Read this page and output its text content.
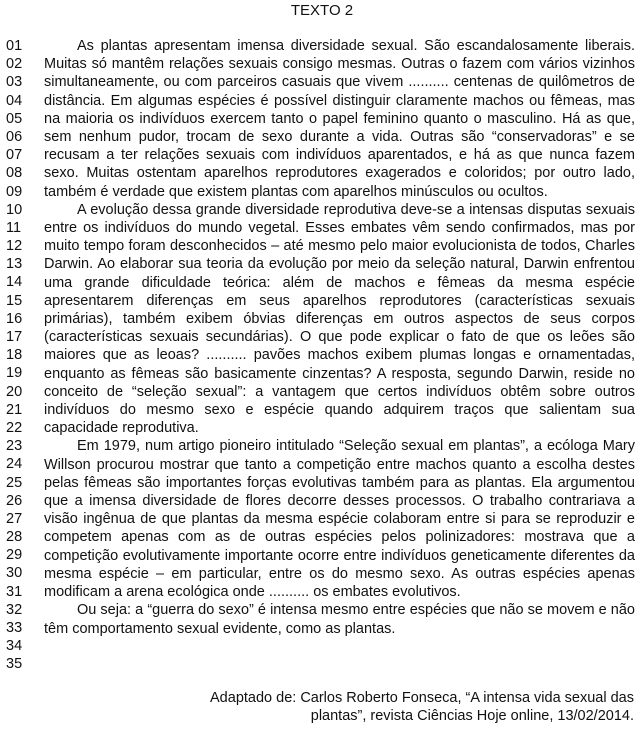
TEXTO 2
01
02
03
04
05
06
07
08
09
10
11
12
13
14
15
16
17
18
19
20
21
22
23
24
25
26
27
28
29
30
31
32
33
34
35

As plantas apresentam imensa diversidade sexual. São escandalosamente liberais. Muitas só mantêm relações sexuais consigo mesmas. Outras o fazem com vários vizinhos simultaneamente, ou com parceiros casuais que vivem .......... centenas de quilômetros de distância. Em algumas espécies é possível distinguir claramente machos ou fêmeas, mas na maioria os indivíduos exercem tanto o papel feminino quanto o masculino. Há as que, sem nenhum pudor, trocam de sexo durante a vida. Outras são “conservadoras” e se recusam a ter relações sexuais com indivíduos aparentados, e há as que nunca fazem sexo. Muitas ostentam aparelhos reprodutores exagerados e coloridos; por outro lado, também é verdade que existem plantas com aparelhos minúsculos ou ocultos.

A evolução dessa grande diversidade reprodutiva deve-se a intensas disputas sexuais entre os indivíduos do mundo vegetal. Esses embates vêm sendo confirmados, mas por muito tempo foram desconhecidos – até mesmo pelo maior evolucionista de todos, Charles Darwin. Ao elaborar sua teoria da evolução por meio da seleção natural, Darwin enfrentou uma grande dificuldade teórica: além de machos e fêmeas da mesma espécie apresentarem diferenças em seus aparelhos reprodutores (características sexuais primárias), também exibem óbvias diferenças em outros aspectos de seus corpos (características sexuais secundárias). O que pode explicar o fato de que os leões são maiores que as leoas? .......... pavões machos exibem plumas longas e ornamentadas, enquanto as fêmeas são basicamente cinzentas? A resposta, segundo Darwin, reside no conceito de “seleção sexual”: a vantagem que certos indivíduos obtêm sobre outros indivíduos do mesmo sexo e espécie quando adquirem traços que salientam sua capacidade reprodutiva.

Em 1979, num artigo pioneiro intitulado “Seleção sexual em plantas”, a ecóloga Mary Willson procurou mostrar que tanto a competição entre machos quanto a escolha destes pelas fêmeas são importantes forças evolutivas também para as plantas. Ela argumentou que a imensa diversidade de flores decorre desses processos. O trabalho contrariava a visão ingênua de que plantas da mesma espécie colaboram entre si para se reproduzir e competem apenas com as de outras espécies pelos polinizadores: mostrava que a competição evolutivamente importante ocorre entre indivíduos geneticamente diferentes da mesma espécie – em particular, entre os do mesmo sexo. As outras espécies apenas modificam a arena ecológica onde .......... os embates evolutivos.

Ou seja: a “guerra do sexo” é intensa mesmo entre espécies que não se movem e não têm comportamento sexual evidente, como as plantas.

Adaptado de: Carlos Roberto Fonseca, “A intensa vida sexual das
plantas”, revista Ciências Hoje online, 13/02/2014.
